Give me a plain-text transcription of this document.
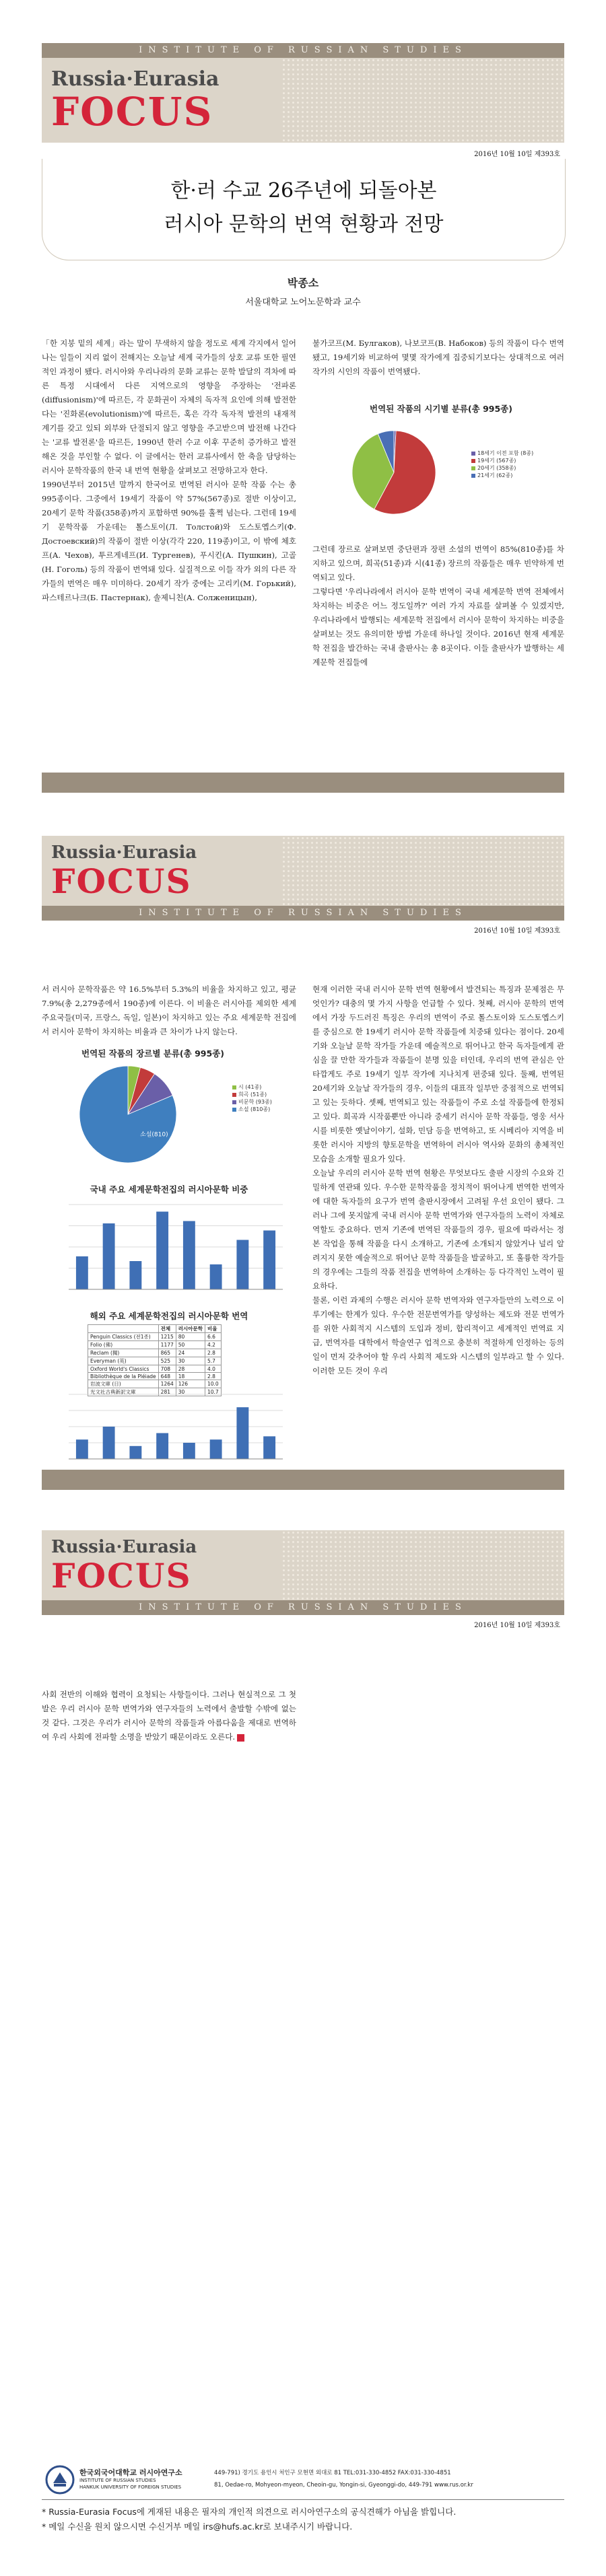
INSTITUTE OF RUSSIAN STUDIES
Russia·Eurasia
FOCUS
2016년 10월 10일 제393호
한·러 수교 26주년에 되돌아본
러시아 문학의 번역 현황과 전망
박종소
서울대학교 노어노문학과 교수
「한 지붕 밑의 세계」라는 말이 무색하지 않을 정도로 세계 각지에서 일어나는 일들이 지리 없이 전해지는 오늘날 세계 국가들의 상호 교류 또한 필연적인 과정이 됐다. 러시아와 우리나라의 문화 교류는 문학 발달의 격차에 따른 특정 시대에서 다른 지역으로의 영향을 주장하는 '전파론(diffusionism)'에 따르든, 각 문화권이 자체의 독자적 요인에 의해 발전한다는 '진화론(evolutionism)'에 따르든, 혹은 각각 독자적 발전의 내재적 계기를 갖고 있되 외부와 단절되지 않고 영향을 주고받으며 발전해 나간다는 '교류 발전론'을 따르든, 1990년 한러 수교 이후 꾸준히 증가하고 발전해온 것을 부인할 수 없다. 이 글에서는 한러 교류사에서 한 축을 담당하는 러시아 문학작품의 한국 내 번역 현황을 살펴보고 전망하고자 한다.
1990년부터 2015년 말까지 한국어로 번역된 러시아 문학 작품 수는 총 995종이다. 그중에서 19세기 작품이 약 57%(567종)로 절반 이상이고, 20세기 문학 작품(358종)까지 포함하면 90%를 훌쩍 넘는다. 그런데 19세기 문학작품 가운데는 톨스토이(Л. Толстой)와 도스토옙스키(Ф. Достоевский)의 작품이 절반 이상(각각 220, 119종)이고, 이 밖에 체호프(А. Чехов), 투르게네프(И. Тургенев), 푸시킨(А. Пушкин), 고골(Н. Гоголь) 등의 작품이 번역돼 있다. 실질적으로 이들 작가 외의 다른 작가들의 번역은 매우 미미하다. 20세기 작가 중에는 고리키(М. Горький), 파스테르나크(Б. Пастернак), 솔제니친(А. Солженицын),
불가코프(М. Булгаков), 나보코프(В. Набоков) 등의 작품이 다수 번역됐고, 19세기와 비교하여 몇몇 작가에게 집중되기보다는 상대적으로 여러 작가의 시인의 작품이 번역됐다.
번역된 작품의 시기별 분류(총 995종)
18세기 이전 포함 (8종)
19세기 (567종)
20세기 (358종)
21세기 (62종)
그런데 장르로 살펴보면 중단편과 장편 소설의 번역이 85%(810종)를 차지하고 있으며, 희곡(51종)과 시(41종) 장르의 작품들은 매우 빈약하게 번역되고 있다.
그렇다면 '우리나라에서 러시아 문학 번역이 국내 세계문학 번역 전체에서 차지하는 비중은 어느 정도일까?' 여러 가지 자료를 살펴볼 수 있겠지만, 우리나라에서 발행되는 세계문학 전집에서 러시아 문학이 차지하는 비중을 살펴보는 것도 유의미한 방법 가운데 하나일 것이다. 2016년 현재 세계문학 전집을 발간하는 국내 출판사는 총 8곳이다. 이들 출판사가 발행하는 세계문학 전집들에
Russia·Eurasia
FOCUS
INSTITUTE OF RUSSIAN STUDIES
2016년 10월 10일 제393호
서 러시아 문학작품은 약 16.5%부터 5.3%의 비율을 차지하고 있고, 평균 7.9%(총 2,279종에서 190종)에 이른다. 이 비율은 러시아를 제외한 세계 주요국들(미국, 프랑스, 독일, 일본)이 차지하고 있는 주요 세계문학 전집에서 러시아 문학이 차지하는 비율과 큰 차이가 나지 않는다.
번역된 작품의 장르별 분류(총 995종)
소설(810)
시 (41종)
희곡 (51종)
비문학 (93종)
소설 (810종)
국내 주요 세계문학전집의 러시아문학 비중
해외 주요 세계문학전집의 러시아문학 번역
	전체	러시아문학	비율
Penguin Classics (전1종)	1215	80	6.6
Folio (佛)	1177	50	4.2
Reclam (獨)	865	24	2.8
Everyman (英)	525	30	5.7
Oxford World's Classics	708	28	4.0
Bibliothèque de la Pléiade	648	18	2.8
岩波文庫 (日)	1264	126	10.0
光文社古典新訳文庫	281	30	10.7
현재 이러한 국내 러시아 문학 번역 현황에서 발견되는 특징과 문제점은 무엇인가? 대충의 몇 가지 사항을 언급할 수 있다. 첫째, 러시아 문학의 번역에서 가장 두드러진 특징은 우리의 번역이 주로 톨스토이와 도스토옙스키를 중심으로 한 19세기 러시아 문학 작품들에 치중돼 있다는 점이다. 20세기와 오늘날 문학 작가들 가운데 예술적으로 뛰어나고 한국 독자들에게 관심을 끌 만한 작가들과 작품들이 분명 있을 터인데, 우리의 번역 관심은 안타깝게도 주로 19세기 일부 작가에 지나치게 편중돼 있다. 둘째, 번역된 20세기와 오늘날 작가들의 경우, 이들의 대표작 일부만 중점적으로 번역되고 있는 듯하다. 셋째, 번역되고 있는 작품들이 주로 소설 작품들에 한정되고 있다. 희곡과 시작품뿐만 아니라 중세기 러시아 문학 작품들, 영웅 서사시를 비롯한 옛날이야기, 설화, 민담 등을 번역하고, 또 시베리아 지역을 비롯한 러시아 지방의 향토문학을 번역하여 러시아 역사와 문화의 총체적인 모습을 소개할 필요가 있다.
오늘날 우리의 러시아 문학 번역 현황은 무엇보다도 출판 시장의 수요와 긴밀하게 연관돼 있다. 우수한 문학작품을 정치적이 뛰어나게 번역한 번역자에 대한 독자들의 요구가 번역 출판시장에서 고려될 우선 요인이 됐다. 그러나 그에 못지않게 국내 러시아 문학 번역가와 연구자들의 노력이 자체로 역할도 중요하다. 먼저 기존에 번역된 작품들의 경우, 필요에 따라서는 정본 작업을 통해 작품을 다시 소개하고, 기존에 소개되지 않았거나 널리 알려지지 못한 예술적으로 뛰어난 문학 작품들을 발굴하고, 또 훌륭한 작가들의 경우에는 그들의 작품 전집을 번역하여 소개하는 등 다각적인 노력이 필요하다.
물론, 이런 과제의 수행은 러시아 문학 번역자와 연구자들만의 노력으로 이루기에는 한계가 있다. 우수한 전문번역가를 양성하는 제도와 전문 번역가를 위한 사회적지 시스템의 도입과 정비, 합리적이고 세계적인 번역료 지급, 번역자를 대학에서 학술연구 업적으로 충분히 적절하게 인정하는 등의 일이 먼저 갖추어야 할 우리 사회적 제도와 시스템의 일부라고 할 수 있다. 이러한 모든 것이 우리
Russia·Eurasia
FOCUS
INSTITUTE OF RUSSIAN STUDIES
2016년 10월 10일 제393호
사회 전반의 이해와 협력이 요청되는 사항들이다. 그러나 현실적으로 그 첫발은 우리 러시아 문학 번역가와 연구자들의 노력에서 출발할 수밖에 없는 것 같다. 그것은 우리가 러시아 문학의 작품들과 아름다움을 제대로 번역하여 우리 사회에 전파할 소명을 받았기 때문이라도 오른다.
한국외국어대학교 러시아연구소
INSTITUTE OF RUSSIAN STUDIES
HANKUK UNIVERSITY OF FOREIGN STUDIES
449-791) 경기도 용인시 처인구 모현면 외대로 81 TEL:031-330-4852 FAX:031-330-4851
81, Oedae-ro, Mohyeon-myeon, Cheoin-gu, Yongin-si, Gyeonggi-do, 449-791 www.rus.or.kr
* Russia-Eurasia Focus에 게재된 내용은 필자의 개인적 의견으로 러시아연구소의 공식견해가 아님을 밝힙니다.
* 메일 수신을 원치 않으시면 수신거부 메일 irs@hufs.ac.kr로 보내주시기 바랍니다.
